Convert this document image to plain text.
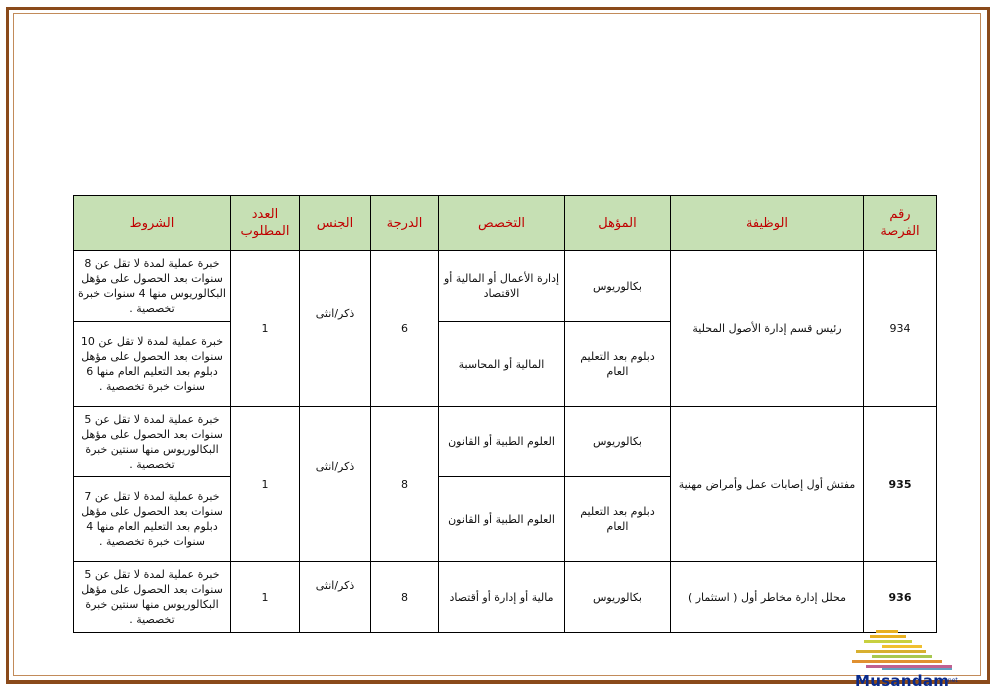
رقم الفرصة	الوظيفة	المؤهل	التخصص	الدرجة	الجنس	العدد المطلوب	الشروط
934	رئيس قسم إدارة الأصول المحلية	بكالوريوس	إدارة الأعمال أو المالية أو الاقتصاد	6	ذكر/انثى	1	خبرة عملية لمدة لا تقل عن 8 سنوات بعد الحصول على مؤهل البكالوريوس منها 4 سنوات خبرة تخصصية .
		دبلوم بعد التعليم العام	المالية أو المحاسبة				خبرة عملية لمدة لا تقل عن 10 سنوات بعد الحصول على مؤهل دبلوم بعد التعليم العام منها 6 سنوات خبرة تخصصية .
935	مفتش أول إصابات عمل وأمراض مهنية	بكالوريوس	العلوم الطبية أو القانون	8	ذكر/انثى	1	خبرة عملية لمدة لا تقل عن 5 سنوات بعد الحصول على مؤهل البكالوريوس منها سنتين خبرة تخصصية .
		دبلوم بعد التعليم العام	العلوم الطبية أو القانون				خبرة عملية لمدة لا تقل عن 7 سنوات بعد الحصول على مؤهل دبلوم بعد التعليم العام منها 4 سنوات خبرة تخصصية .
936	محلل إدارة مخاطر أول ( استثمار )	بكالوريوس	مالية أو إدارة أو أقتصاد	8	ذكر/انثى	1	خبرة عملية لمدة لا تقل عن 5 سنوات بعد الحصول على مؤهل البكالوريوس منها سنتين خبرة تخصصية .
Musandam
.net
